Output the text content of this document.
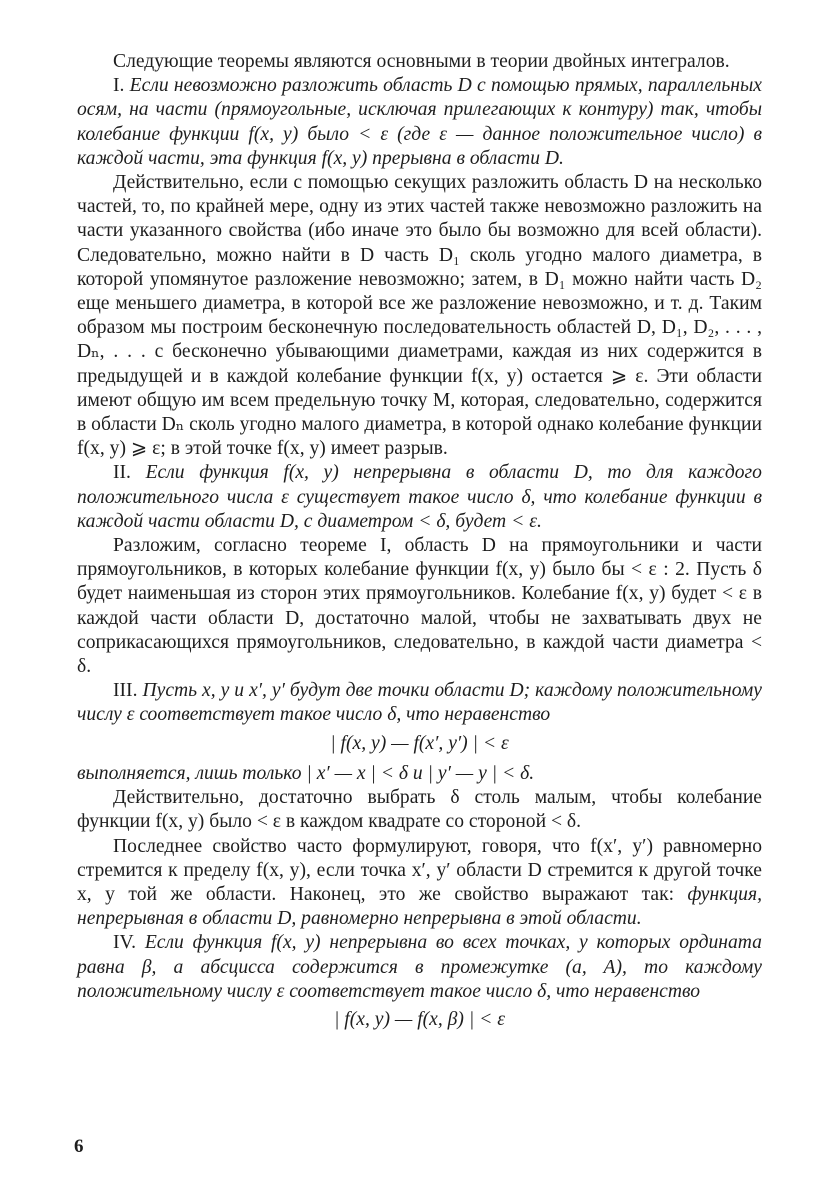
Следующие теоремы являются основными в теории двойных интегралов.

I. Если невозможно разложить область D с помощью прямых, параллельных осям, на части (прямоугольные, исключая прилегающих к контуру) так, чтобы колебание функции f(x, y) было < ε (где ε — данное положительное число) в каждой части, эта функция f(x, y) прерывна в области D.

Действительно, если с помощью секущих разложить область D на несколько частей, то, по крайней мере, одну из этих частей также невозможно разложить на части указанного свойства (ибо иначе это было бы возможно для всей области). Следовательно, можно найти в D часть D₁ сколь угодно малого диаметра, в которой упомянутое разложение невозможно; затем, в D₁ можно найти часть D₂ еще меньшего диаметра, в которой все же разложение невозможно, и т. д. Таким образом мы построим бесконечную последовательность областей D, D₁, D₂, . . . , Dₙ, . . . с бесконечно убывающими диаметрами, каждая из них содержится в предыдущей и в каждой колебание функции f(x, y) остается ⩾ ε. Эти области имеют общую им всем предельную точку M, которая, следовательно, содержится в области Dₙ сколь угодно малого диаметра, в которой однако колебание функции f(x, y) ⩾ ε; в этой точке f(x, y) имеет разрыв.

II. Если функция f(x, y) непрерывна в области D, то для каждого положительного числа ε существует такое число δ, что колебание функции в каждой части области D, с диаметром < δ, будет < ε.

Разложим, согласно теореме I, область D на прямоугольники и части прямоугольников, в которых колебание функции f(x, y) было бы < ε : 2. Пусть δ будет наименьшая из сторон этих прямоугольников. Колебание f(x, y) будет < ε в каждой части области D, достаточно малой, чтобы не захватывать двух не соприкасающихся прямоугольников, следовательно, в каждой части диаметра < δ.

III. Пусть x, y и x′, y′ будут две точки области D; каждому положительному числу ε соответствует такое число δ, что неравенство

| f(x, y) — f(x′, y′) | < ε

выполняется, лишь только | x′ — x | < δ и | y′ — y | < δ.

Действительно, достаточно выбрать δ столь малым, чтобы колебание функции f(x, y) было < ε в каждом квадрате со стороной < δ.

Последнее свойство часто формулируют, говоря, что f(x′, y′) равномерно стремится к пределу f(x, y), если точка x′, y′ области D стремится к другой точке x, y той же области. Наконец, это же свойство выражают так: функция, непрерывная в области D, равномерно непрерывна в этой области.

IV. Если функция f(x, y) непрерывна во всех точках, у которых ордината равна β, а абсцисса содержится в промежутке (a, A), то каждому положительному числу ε соответствует такое число δ, что неравенство

| f(x, y) — f(x, β) | < ε
6
